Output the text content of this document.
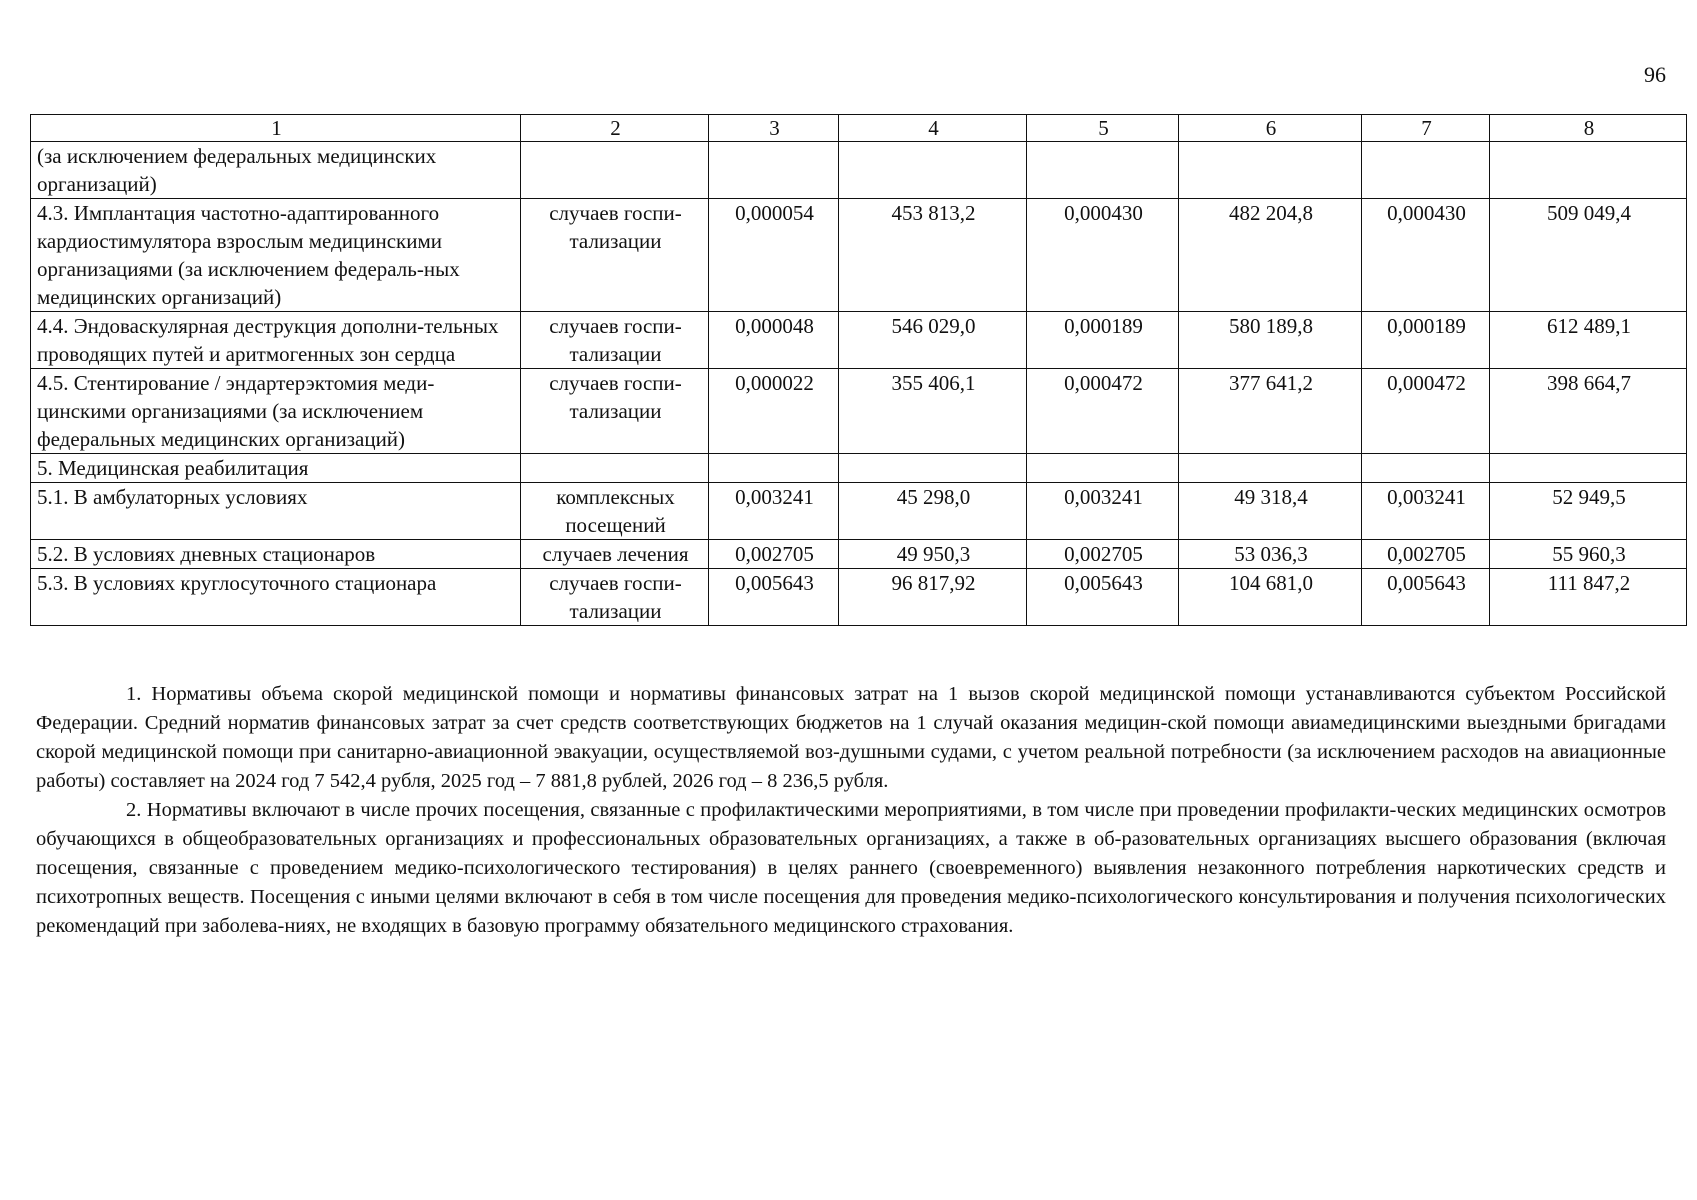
96
1	2	3	4	5	6	7	8
(за исключением федеральных медицинских организаций)							
4.3. Имплантация частотно-адаптированного кардиостимулятора взрослым медицинскими организациями (за исключением федераль-ных медицинских организаций)	случаев госпи-тализации	0,000054	453 813,2	0,000430	482 204,8	0,000430	509 049,4
4.4. Эндоваскулярная деструкция дополни-тельных проводящих путей и аритмогенных зон сердца	случаев госпи-тализации	0,000048	546 029,0	0,000189	580 189,8	0,000189	612 489,1
4.5. Стентирование / эндартерэктомия меди-цинскими организациями (за исключением федеральных медицинских организаций)	случаев госпи-тализации	0,000022	355 406,1	0,000472	377 641,2	0,000472	398 664,7
5. Медицинская реабилитация							
5.1. В амбулаторных условиях	комплексных посещений	0,003241	45 298,0	0,003241	49 318,4	0,003241	52 949,5
5.2. В условиях дневных стационаров	случаев лечения	0,002705	49 950,3	0,002705	53 036,3	0,002705	55 960,3
5.3. В условиях круглосуточного стационара	случаев госпи-тализации	0,005643	96 817,92	0,005643	104 681,0	0,005643	111 847,2

1. Нормативы объема скорой медицинской помощи и нормативы финансовых затрат на 1 вызов скорой медицинской помощи устанавливаются субъектом Российской Федерации. Средний норматив финансовых затрат за счет средств соответствующих бюджетов на 1 случай оказания медицин-ской помощи авиамедицинскими выездными бригадами скорой медицинской помощи при санитарно-авиационной эвакуации, осуществляемой воз-душными судами, с учетом реальной потребности (за исключением расходов на авиационные работы) составляет на 2024 год 7 542,4 рубля, 2025 год – 7 881,8 рублей, 2026 год – 8 236,5 рубля.

2. Нормативы включают в числе прочих посещения, связанные с профилактическими мероприятиями, в том числе при проведении профилакти-ческих медицинских осмотров обучающихся в общеобразовательных организациях и профессиональных образовательных организациях, а также в об-разовательных организациях высшего образования (включая посещения, связанные с проведением медико-психологического тестирования) в целях раннего (своевременного) выявления незаконного потребления наркотических средств и психотропных веществ. Посещения с иными целями включают в себя в том числе посещения для проведения медико-психологического консультирования и получения психологических рекомендаций при заболева-ниях, не входящих в базовую программу обязательного медицинского страхования.
